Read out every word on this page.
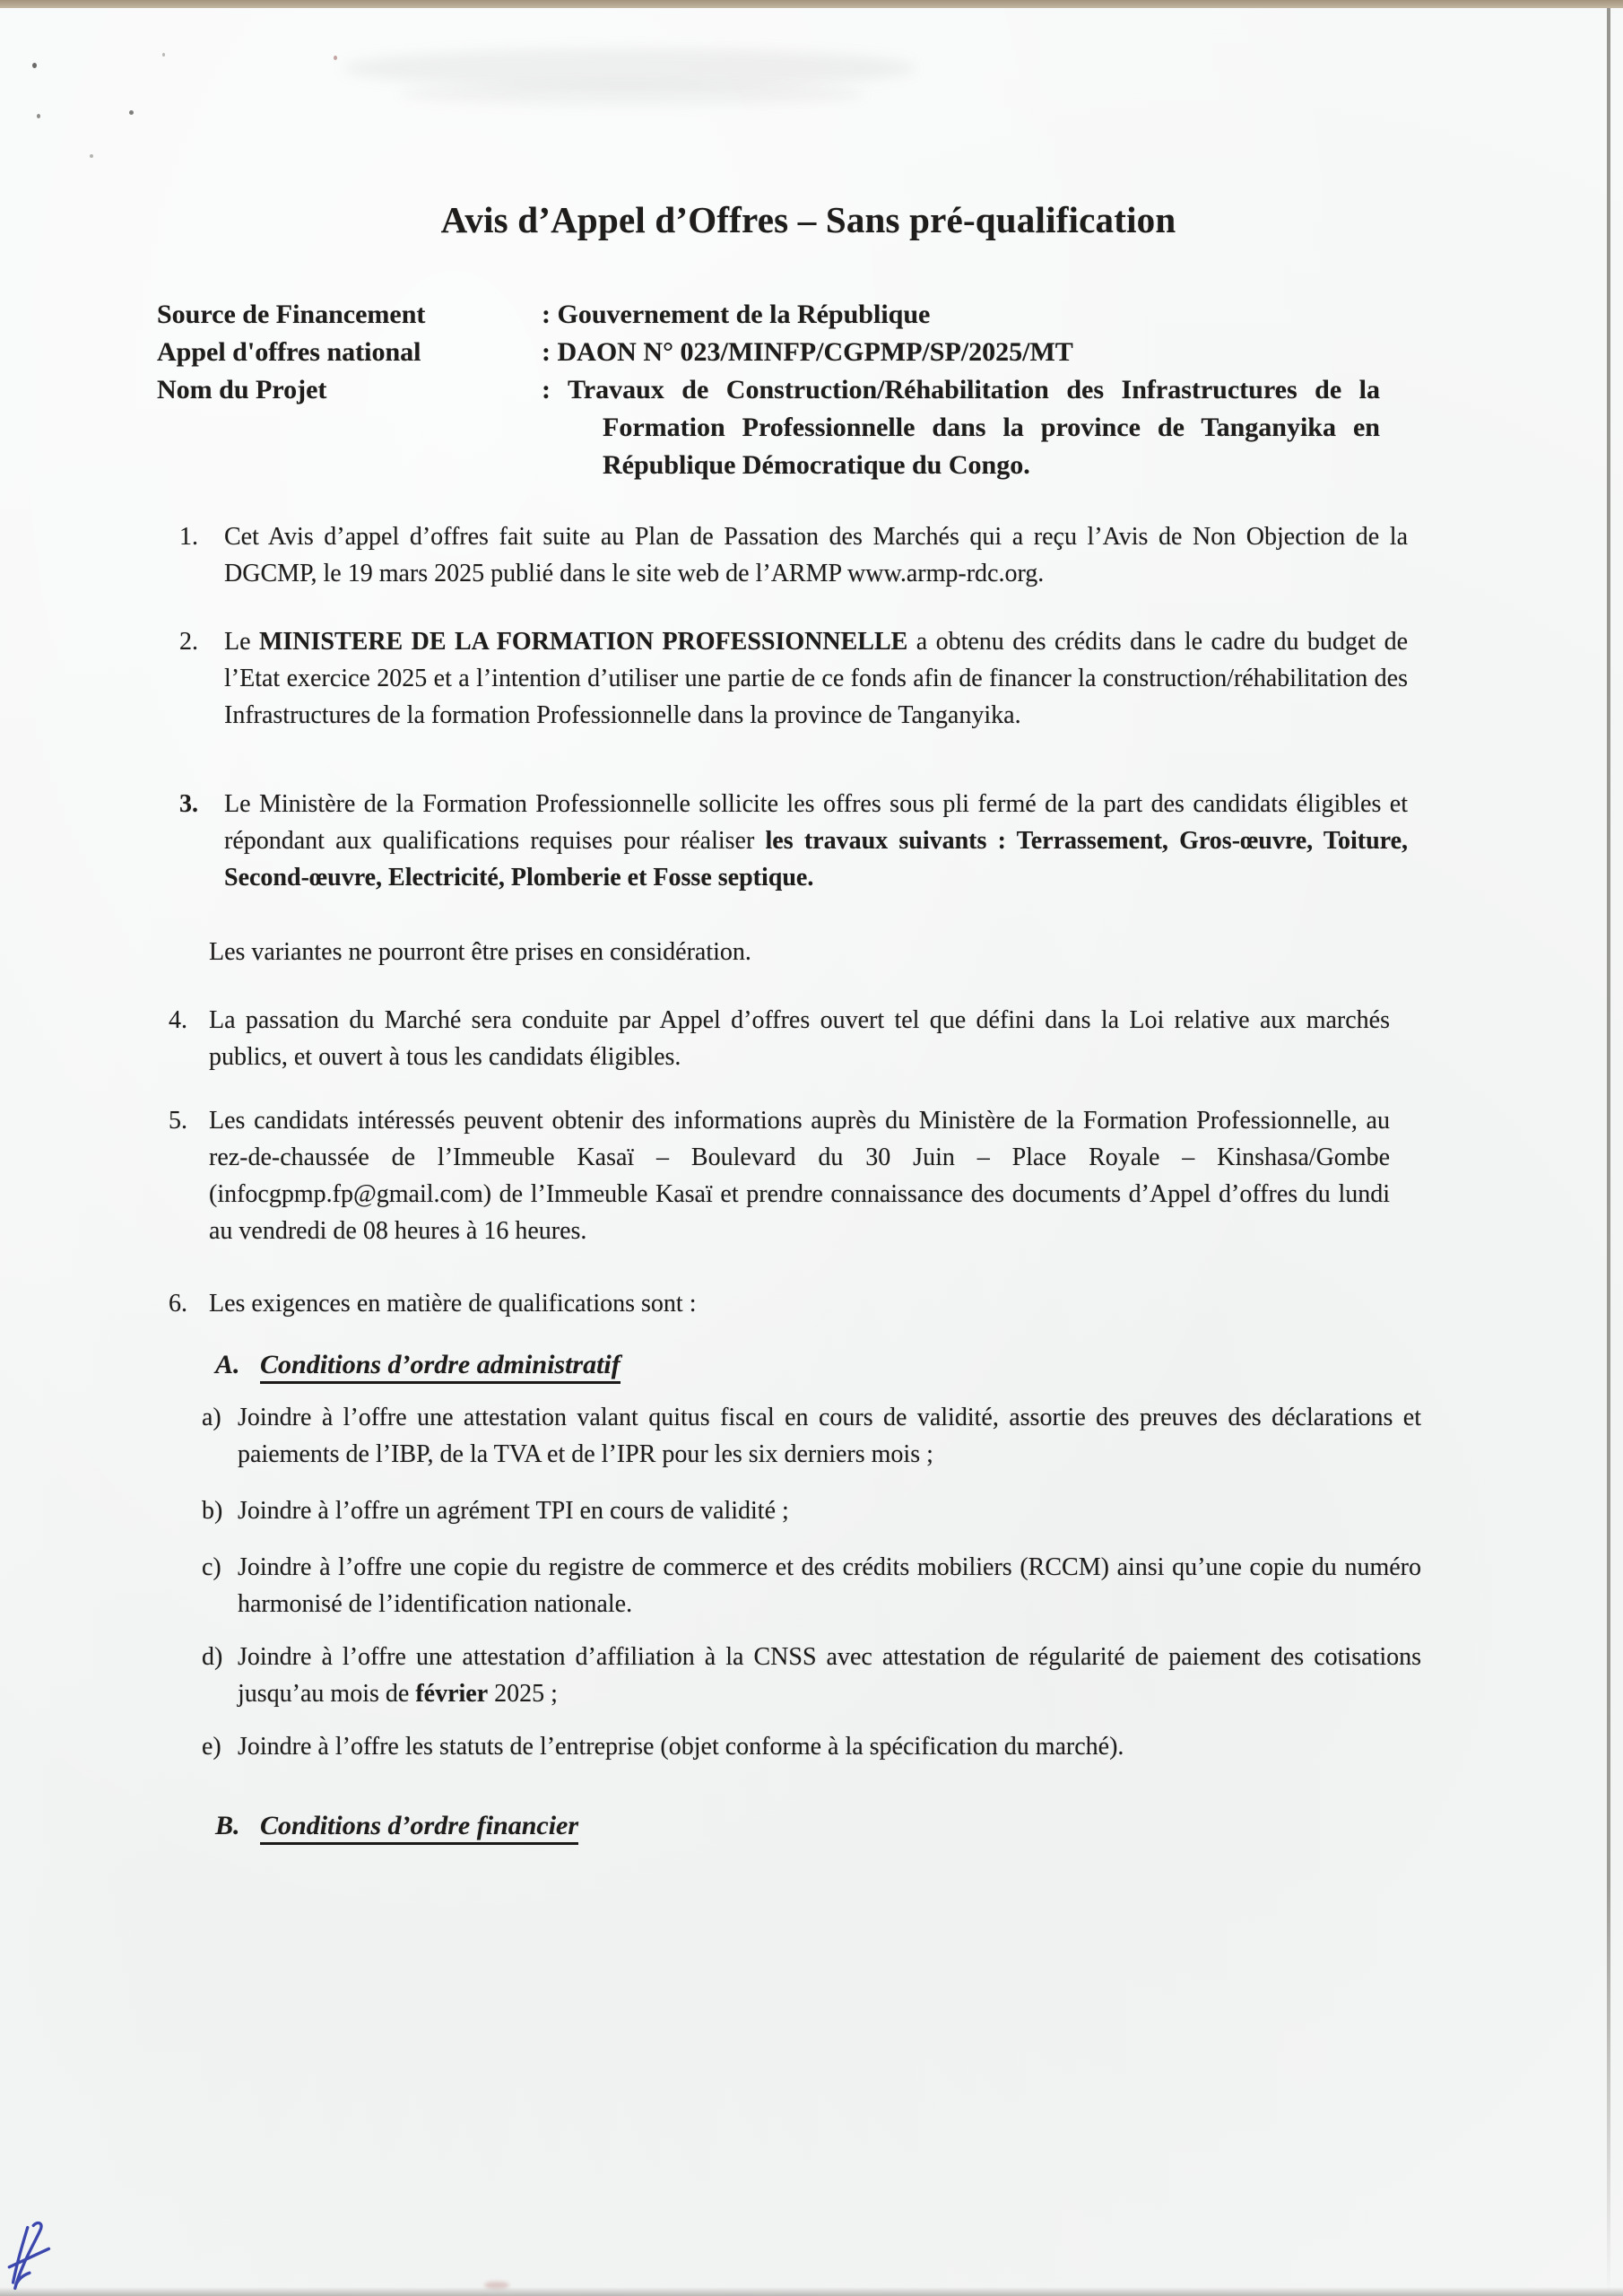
Avis d’Appel d’Offres – Sans pré-qualification
Source de Financement	: Gouvernement de la République
Appel d'offres national	: DAON N° 023/MINFP/CGPMP/SP/2025/MT
Nom du Projet	: Travaux de Construction/Réhabilitation des Infrastructures de la Formation Professionnelle dans la province de Tanganyika en République Démocratique du Congo.
1. Cet Avis d’appel d’offres fait suite au Plan de Passation des Marchés qui a reçu l’Avis de Non Objection de la DGCMP, le 19 mars 2025 publié dans le site web de l’ARMP www.armp-rdc.org.
2. Le MINISTERE DE LA FORMATION PROFESSIONNELLE a obtenu des crédits dans le cadre du budget de l’Etat exercice 2025 et a l’intention d’utiliser une partie de ce fonds afin de financer la construction/réhabilitation des Infrastructures de la formation Professionnelle dans la province de Tanganyika.
3. Le Ministère de la Formation Professionnelle sollicite les offres sous pli fermé de la part des candidats éligibles et répondant aux qualifications requises pour réaliser les travaux suivants : Terrassement, Gros-œuvre, Toiture, Second-œuvre, Electricité, Plomberie et Fosse septique.
Les variantes ne pourront être prises en considération.
4. La passation du Marché sera conduite par Appel d’offres ouvert tel que défini dans la Loi relative aux marchés publics, et ouvert à tous les candidats éligibles.
5. Les candidats intéressés peuvent obtenir des informations auprès du Ministère de la Formation Professionnelle, au rez-de-chaussée de l’Immeuble Kasaï – Boulevard du 30 Juin – Place Royale – Kinshasa/Gombe (infocgpmp.fp@gmail.com) de l’Immeuble Kasaï et prendre connaissance des documents d’Appel d’offres du lundi au vendredi de 08 heures à 16 heures.
6. Les exigences en matière de qualifications sont :
A. Conditions d’ordre administratif
a) Joindre à l’offre une attestation valant quitus fiscal en cours de validité, assortie des preuves des déclarations et paiements de l’IBP, de la TVA et de l’IPR pour les six derniers mois ;
b) Joindre à l’offre un agrément TPI en cours de validité ;
c) Joindre à l’offre une copie du registre de commerce et des crédits mobiliers (RCCM) ainsi qu’une copie du numéro harmonisé de l’identification nationale.
d) Joindre à l’offre une attestation d’affiliation à la CNSS avec attestation de régularité de paiement des cotisations jusqu’au mois de février 2025 ;
e) Joindre à l’offre les statuts de l’entreprise (objet conforme à la spécification du marché).
B. Conditions d’ordre financier
